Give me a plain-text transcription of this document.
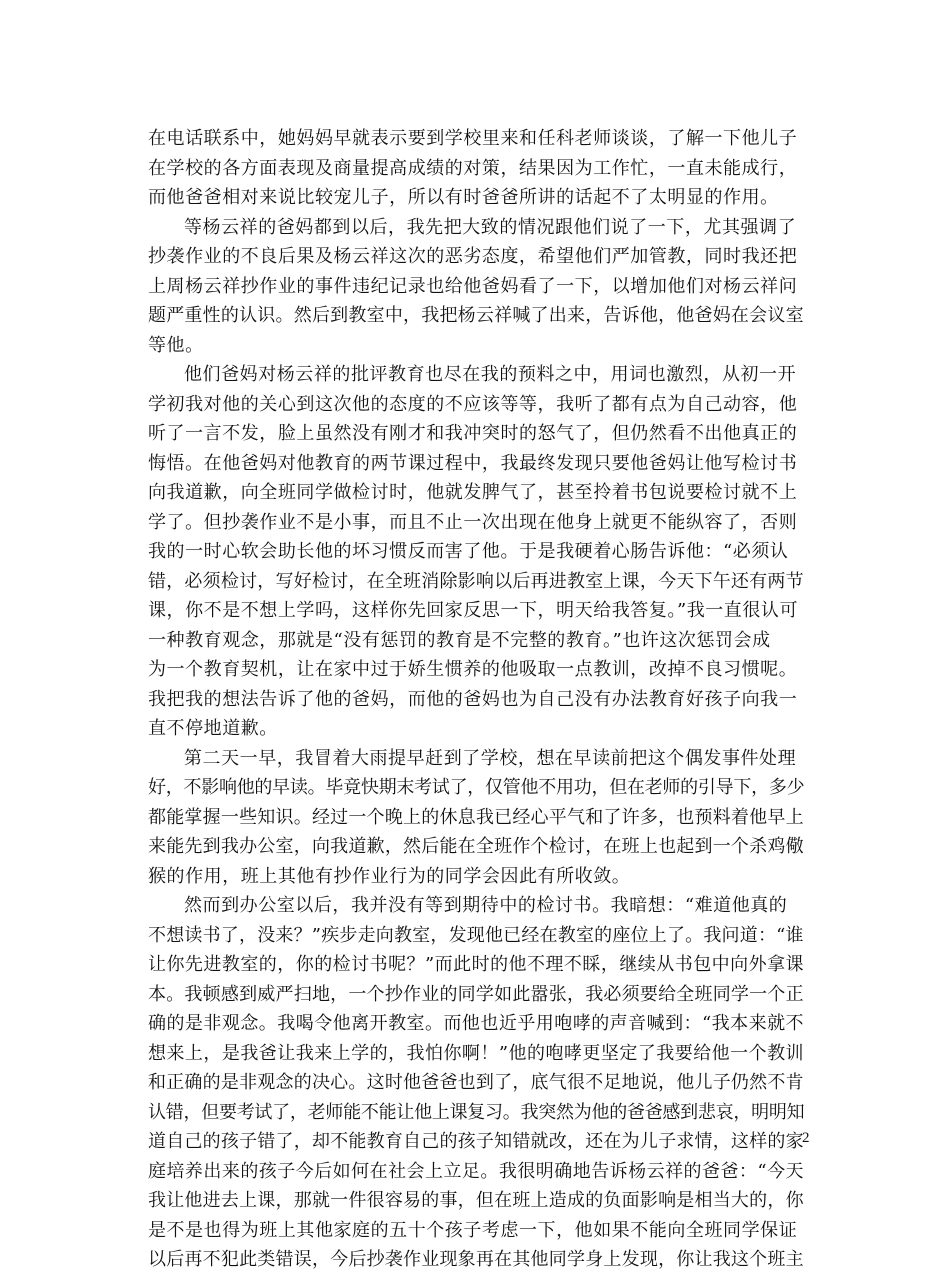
在电话联系中，她妈妈早就表示要到学校里来和任科老师谈谈，了解一下他儿子
在学校的各方面表现及商量提高成绩的对策，结果因为工作忙，一直未能成行，
而他爸爸相对来说比较宠儿子，所以有时爸爸所讲的话起不了太明显的作用。
等杨云祥的爸妈都到以后，我先把大致的情况跟他们说了一下，尤其强调了
抄袭作业的不良后果及杨云祥这次的恶劣态度，希望他们严加管教，同时我还把
上周杨云祥抄作业的事件违纪记录也给他爸妈看了一下，以增加他们对杨云祥问
题严重性的认识。然后到教室中，我把杨云祥喊了出来，告诉他，他爸妈在会议室
等他。
他们爸妈对杨云祥的批评教育也尽在我的预料之中，用词也激烈，从初一开
学初我对他的关心到这次他的态度的不应该等等，我听了都有点为自己动容，他
听了一言不发，脸上虽然没有刚才和我冲突时的怒气了，但仍然看不出他真正的
悔悟。在他爸妈对他教育的两节课过程中，我最终发现只要他爸妈让他写检讨书
向我道歉，向全班同学做检讨时，他就发脾气了，甚至拎着书包说要检讨就不上
学了。但抄袭作业不是小事，而且不止一次出现在他身上就更不能纵容了，否则
我的一时心软会助长他的坏习惯反而害了他。于是我硬着心肠告诉他：“必须认
错，必须检讨，写好检讨，在全班消除影响以后再进教室上课，今天下午还有两节
课，你不是不想上学吗，这样你先回家反思一下，明天给我答复。”我一直很认可
一种教育观念，那就是“没有惩罚的教育是不完整的教育。”也许这次惩罚会成
为一个教育契机，让在家中过于娇生惯养的他吸取一点教训，改掉不良习惯呢。
我把我的想法告诉了他的爸妈，而他的爸妈也为自己没有办法教育好孩子向我一
直不停地道歉。
第二天一早，我冒着大雨提早赶到了学校，想在早读前把这个偶发事件处理
好，不影响他的早读。毕竟快期末考试了，仅管他不用功，但在老师的引导下，多少
都能掌握一些知识。经过一个晚上的休息我已经心平气和了许多，也预料着他早上
来能先到我办公室，向我道歉，然后能在全班作个检讨，在班上也起到一个杀鸡儆
猴的作用，班上其他有抄作业行为的同学会因此有所收敛。
然而到办公室以后，我并没有等到期待中的检讨书。我暗想：“难道他真的
不想读书了，没来？”疾步走向教室，发现他已经在教室的座位上了。我问道：“谁
让你先进教室的，你的检讨书呢？”而此时的他不理不睬，继续从书包中向外拿课
本。我顿感到威严扫地，一个抄作业的同学如此嚣张，我必须要给全班同学一个正
确的是非观念。我喝令他离开教室。而他也近乎用咆哮的声音喊到：“我本来就不
想来上，是我爸让我来上学的，我怕你啊！”他的咆哮更坚定了我要给他一个教训
和正确的是非观念的决心。这时他爸爸也到了，底气很不足地说，他儿子仍然不肯
认错，但要考试了，老师能不能让他上课复习。我突然为他的爸爸感到悲哀，明明知
道自己的孩子错了，却不能教育自己的孩子知错就改，还在为儿子求情，这样的家
庭培养出来的孩子今后如何在社会上立足。我很明确地告诉杨云祥的爸爸：“今天
我让他进去上课，那就一件很容易的事，但在班上造成的负面影响是相当大的，你
是不是也得为班上其他家庭的五十个孩子考虑一下，他如果不能向全班同学保证
以后再不犯此类错误，今后抄袭作业现象再在其他同学身上发现，你让我这个班主
2
